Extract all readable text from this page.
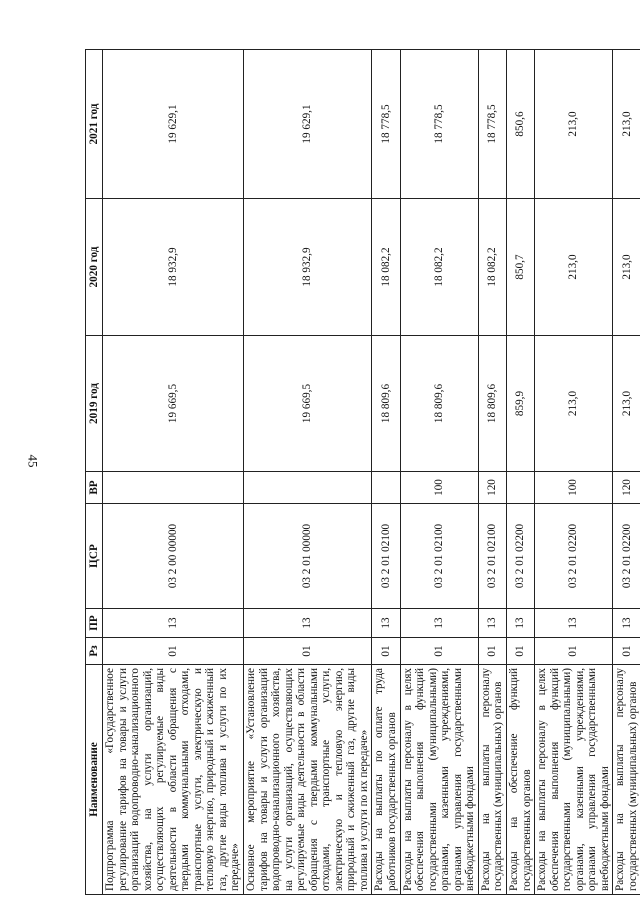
45
Наименование	Рз	ПР	ЦСР	ВР	2019 год	2020 год	2021 год
Подпрограмма «Государственное регулирование тарифов на товары и услуги организаций водопроводно-канализационного хозяйства, на услуги организаций, осуществляющих регулируемые виды деятельности в области обращения с твердыми коммунальными отходами, транспортные услуги, электрическую и тепловую энергию, природный и сжиженный газ, другие виды топлива и услуги по их передаче»	01	13	03 2 00 00000		19 669,5	18 932,9	19 629,1
Основное мероприятие «Установление тарифов на товары и услуги организаций водопроводно-канализационного хозяйства, на услуги организаций, осуществляющих регулируемые виды деятельности в области обращения с твердыми коммунальными отходами, транспортные услуги, электрическую и тепловую энергию, природный и сжиженный газ, другие виды топлива и услуги по их передаче»	01	13	03 2 01 00000		19 669,5	18 932,9	19 629,1
Расходы на выплаты по оплате труда работников государственных органов	01	13	03 2 01 02100		18 809,6	18 082,2	18 778,5
Расходы на выплаты персоналу в целях обеспечения выполнения функций государственными (муниципальными) органами, казенными учреждениями, органами управления государственными внебюджетными фондами	01	13	03 2 01 02100	100	18 809,6	18 082,2	18 778,5
Расходы на выплаты персоналу государственных (муниципальных) органов	01	13	03 2 01 02100	120	18 809,6	18 082,2	18 778,5
Расходы на обеспечение функций государственных органов	01	13	03 2 01 02200		859,9	850,7	850,6
Расходы на выплаты персоналу в целях обеспечения выполнения функций государственными (муниципальными) органами, казенными учреждениями, органами управления государственными внебюджетными фондами	01	13	03 2 01 02200	100	213,0	213,0	213,0
Расходы на выплаты персоналу государственных (муниципальных) органов	01	13	03 2 01 02200	120	213,0	213,0	213,0
